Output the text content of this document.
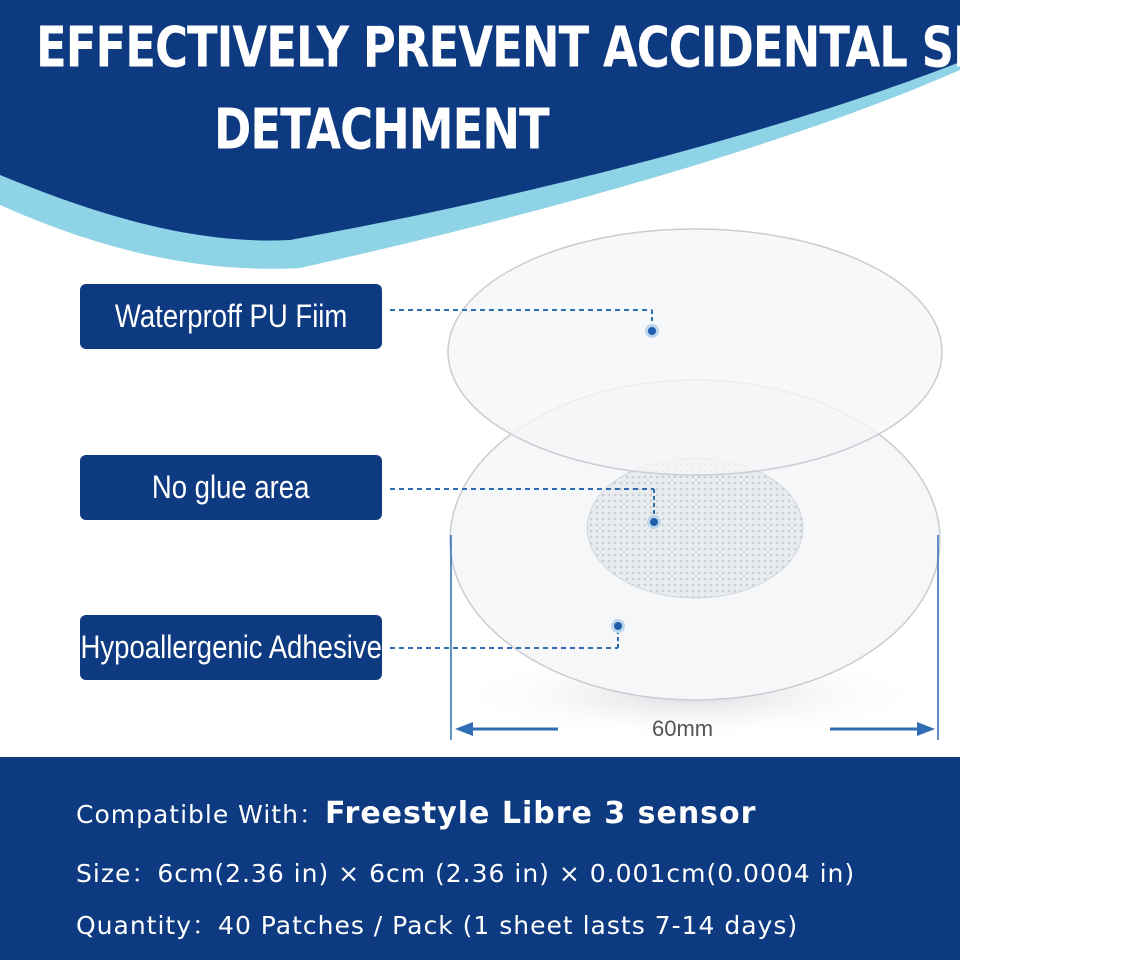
EFFECTIVELY PREVENT ACCIDENTAL SENSOR
DETACHMENT
60mm
Waterproff PU Fiim
No glue area
Hypoallergenic Adhesive
Compatible With：Freestyle Libre 3 sensor
Size：6cm(2.36 in) × 6cm (2.36 in) × 0.001cm(0.0004 in)
Quantity：40 Patches / Pack (1 sheet lasts 7-14 days)
